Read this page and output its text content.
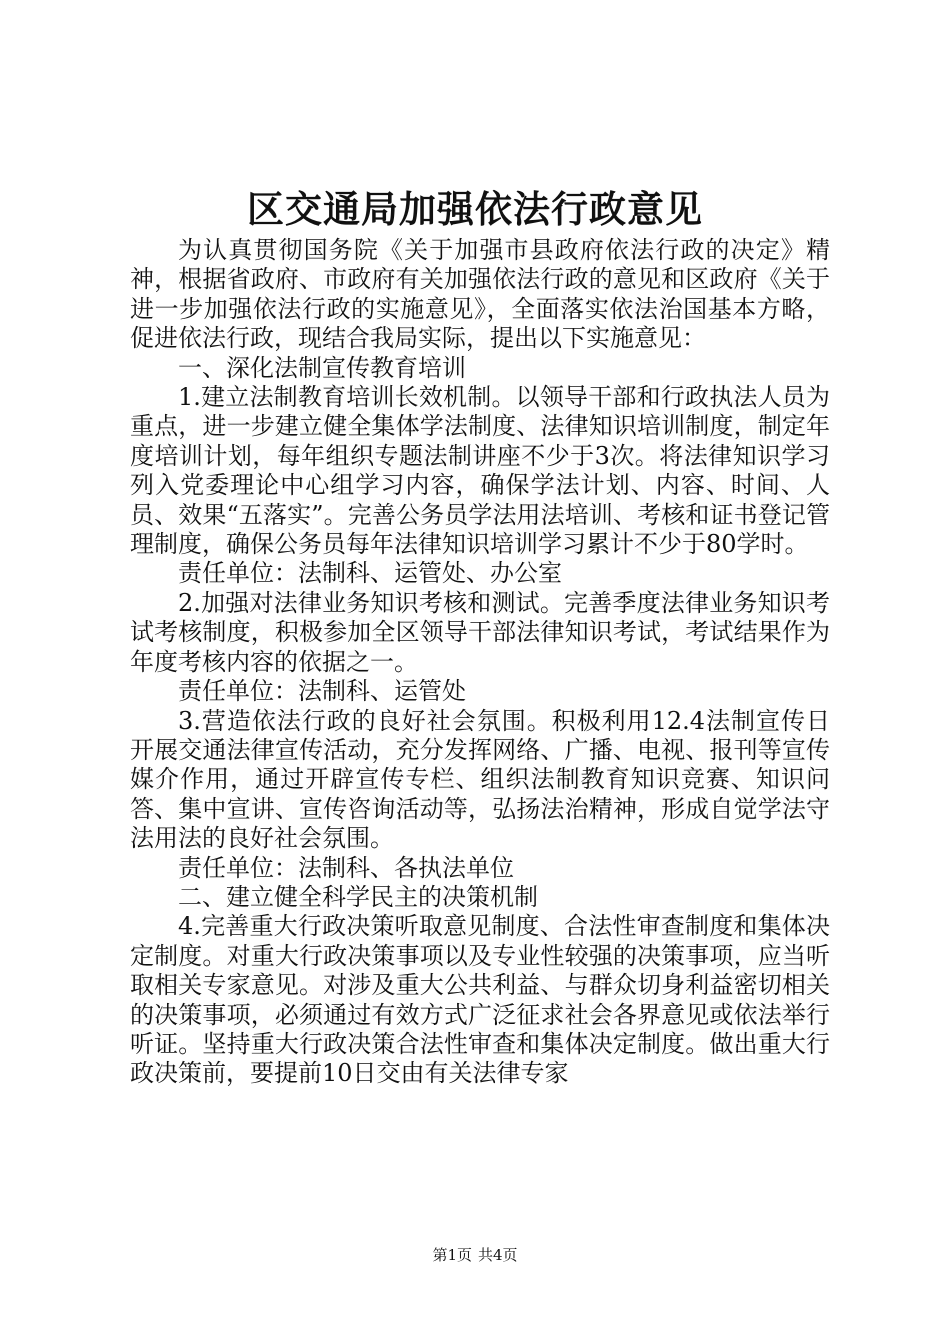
区交通局加强依法行政意见

为认真贯彻国务院《关于加强市县政府依法行政的决定》精神，根据省政府、市政府有关加强依法行政的意见和区政府《关于进一步加强依法行政的实施意见》，全面落实依法治国基本方略，促进依法行政，现结合我局实际，提出以下实施意见：

一、深化法制宣传教育培训

1.建立法制教育培训长效机制。以领导干部和行政执法人员为重点，进一步建立健全集体学法制度、法律知识培训制度，制定年度培训计划，每年组织专题法制讲座不少于3次。将法律知识学习列入党委理论中心组学习内容，确保学法计划、内容、时间、人员、效果“五落实”。完善公务员学法用法培训、考核和证书登记管理制度，确保公务员每年法律知识培训学习累计不少于80学时。

责任单位：法制科、运管处、办公室

2.加强对法律业务知识考核和测试。完善季度法律业务知识考试考核制度，积极参加全区领导干部法律知识考试，考试结果作为年度考核内容的依据之一。

责任单位：法制科、运管处

3.营造依法行政的良好社会氛围。积极利用12.4法制宣传日开展交通法律宣传活动，充分发挥网络、广播、电视、报刊等宣传媒介作用，通过开辟宣传专栏、组织法制教育知识竞赛、知识问答、集中宣讲、宣传咨询活动等，弘扬法治精神，形成自觉学法守法用法的良好社会氛围。

责任单位：法制科、各执法单位

二、建立健全科学民主的决策机制

4.完善重大行政决策听取意见制度、合法性审查制度和集体决定制度。对重大行政决策事项以及专业性较强的决策事项，应当听取相关专家意见。对涉及重大公共利益、与群众切身利益密切相关的决策事项，必须通过有效方式广泛征求社会各界意见或依法举行听证。坚持重大行政决策合法性审查和集体决定制度。做出重大行政决策前，要提前10日交由有关法律专家

第1页 共4页
